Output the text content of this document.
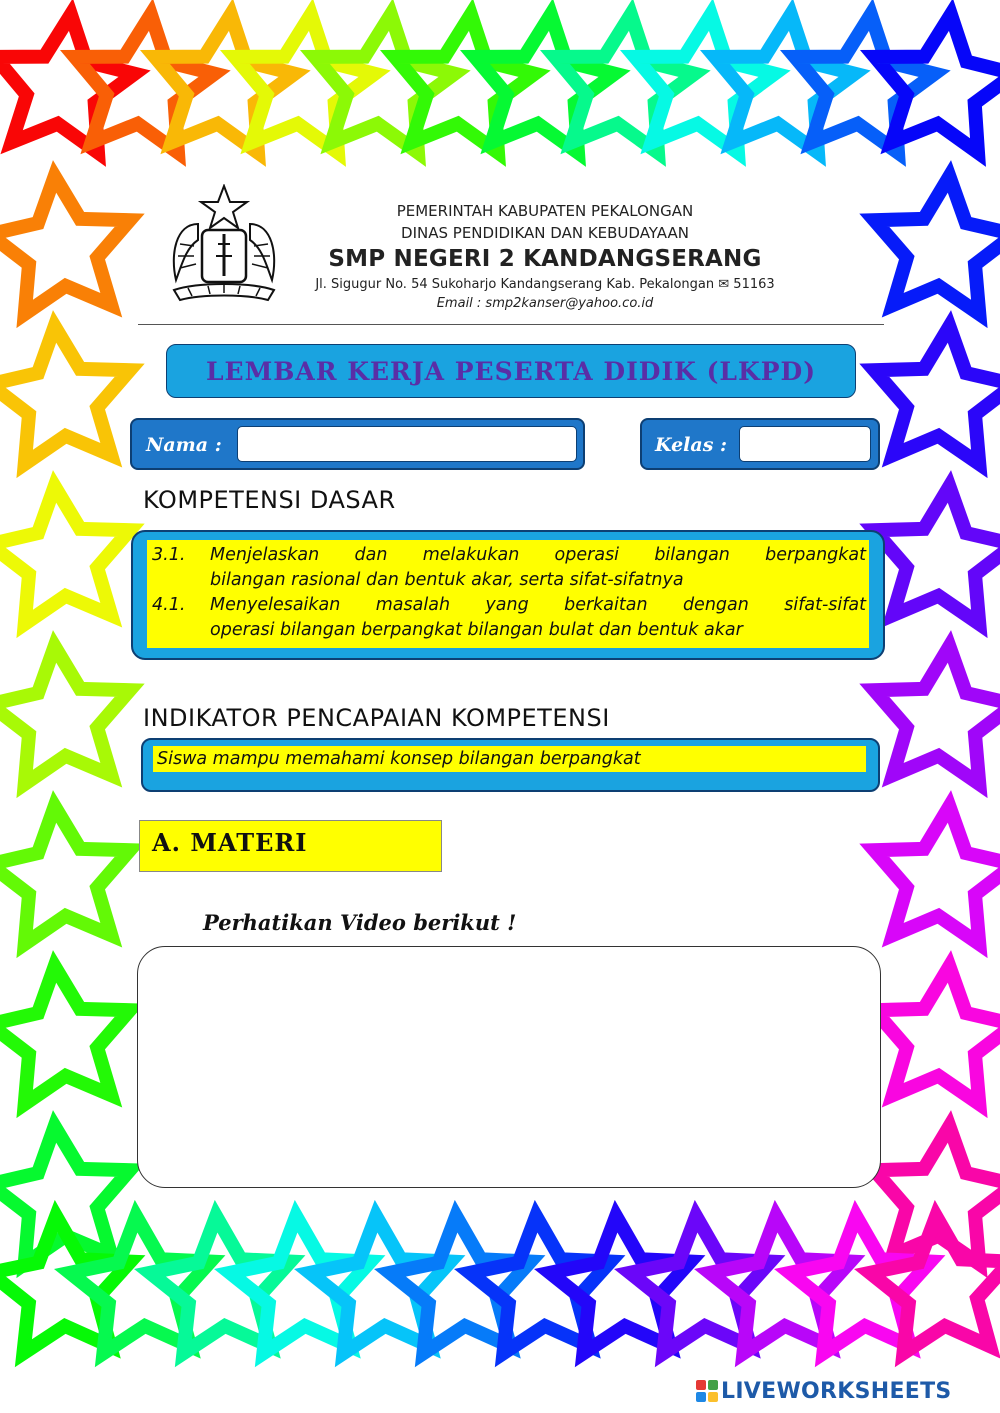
PEMERINTAH KABUPATEN PEKALONGAN
DINAS PENDIDIKAN DAN KEBUDAYAAN
SMP NEGERI 2 KANDANGSERANG
Jl. Sigugur No. 54 Sukoharjo Kandangserang Kab. Pekalongan ✉ 51163
Email : smp2kanser@yahoo.co.id
LEMBAR KERJA PESERTA DIDIK (LKPD)
Nama :	Kelas :
KOMPETENSI DASAR
3.1.	Menjelaskan dan melakukan operasi bilangan berpangkat
bilangan rasional dan bentuk akar, serta sifat-sifatnya
4.1.	Menyelesaikan masalah yang berkaitan dengan sifat-sifat
operasi bilangan berpangkat bilangan bulat dan bentuk akar
INDIKATOR PENCAPAIAN KOMPETENSI
Siswa mampu memahami konsep bilangan berpangkat
A. MATERI
Perhatikan Video berikut !
LIVEWORKSHEETS
